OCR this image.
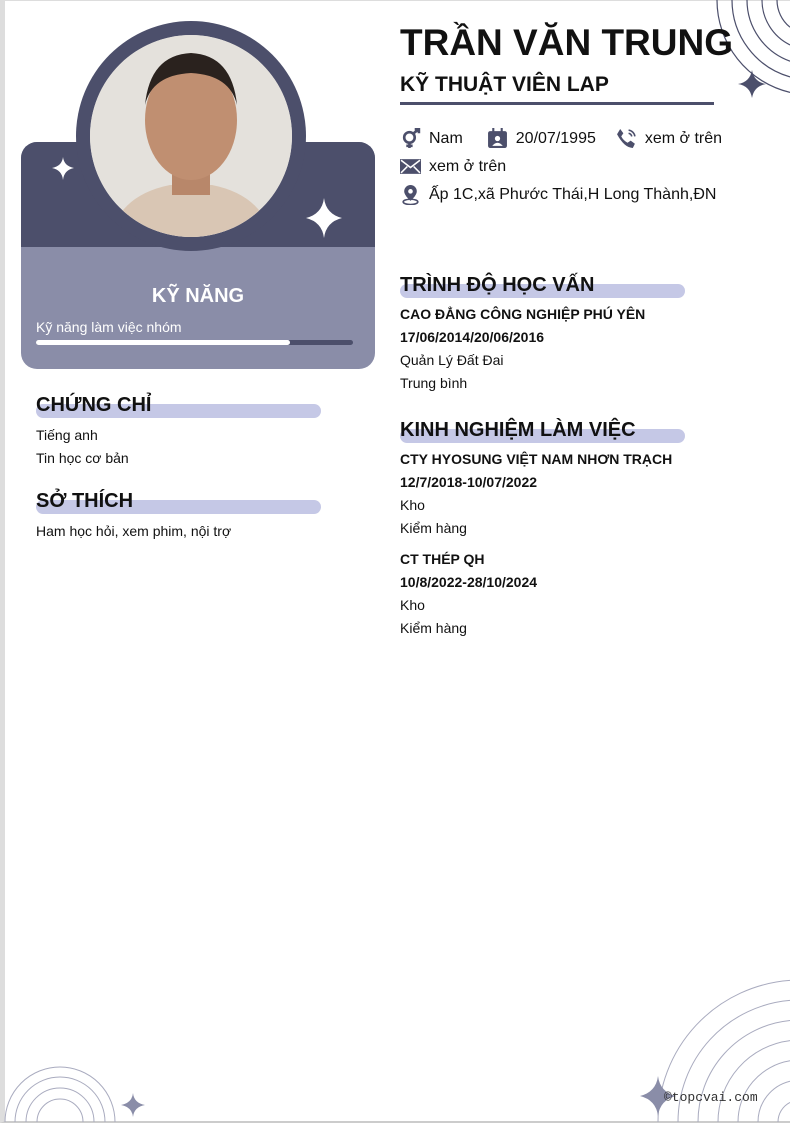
KỸ NĂNG
Kỹ năng làm việc nhóm
CHỨNG CHỈ

Tiếng anh

Tin học cơ bản

SỞ THÍCH

Ham học hỏi, xem phim, nội trợ

TRẦN VĂN TRUNG
KỸ THUẬT VIÊN LAP
Nam	20/07/1995	xem ở trên
xem ở trên
Ấp 1C,xã Phước Thái,H Long Thành,ĐN
TRÌNH ĐỘ HỌC VẤN

CAO ĐẲNG CÔNG NGHIỆP PHÚ YÊN

17/06/2014/20/06/2016

Quản Lý Đất Đai

Trung bình

KINH NGHIỆM LÀM VIỆC

CTY HYOSUNG VIỆT NAM NHƠN TRẠCH

12/7/2018-10/07/2022

Kho

Kiểm hàng

CT THÉP QH

10/8/2022-28/10/2024

Kho

Kiểm hàng

©topcvai.com
